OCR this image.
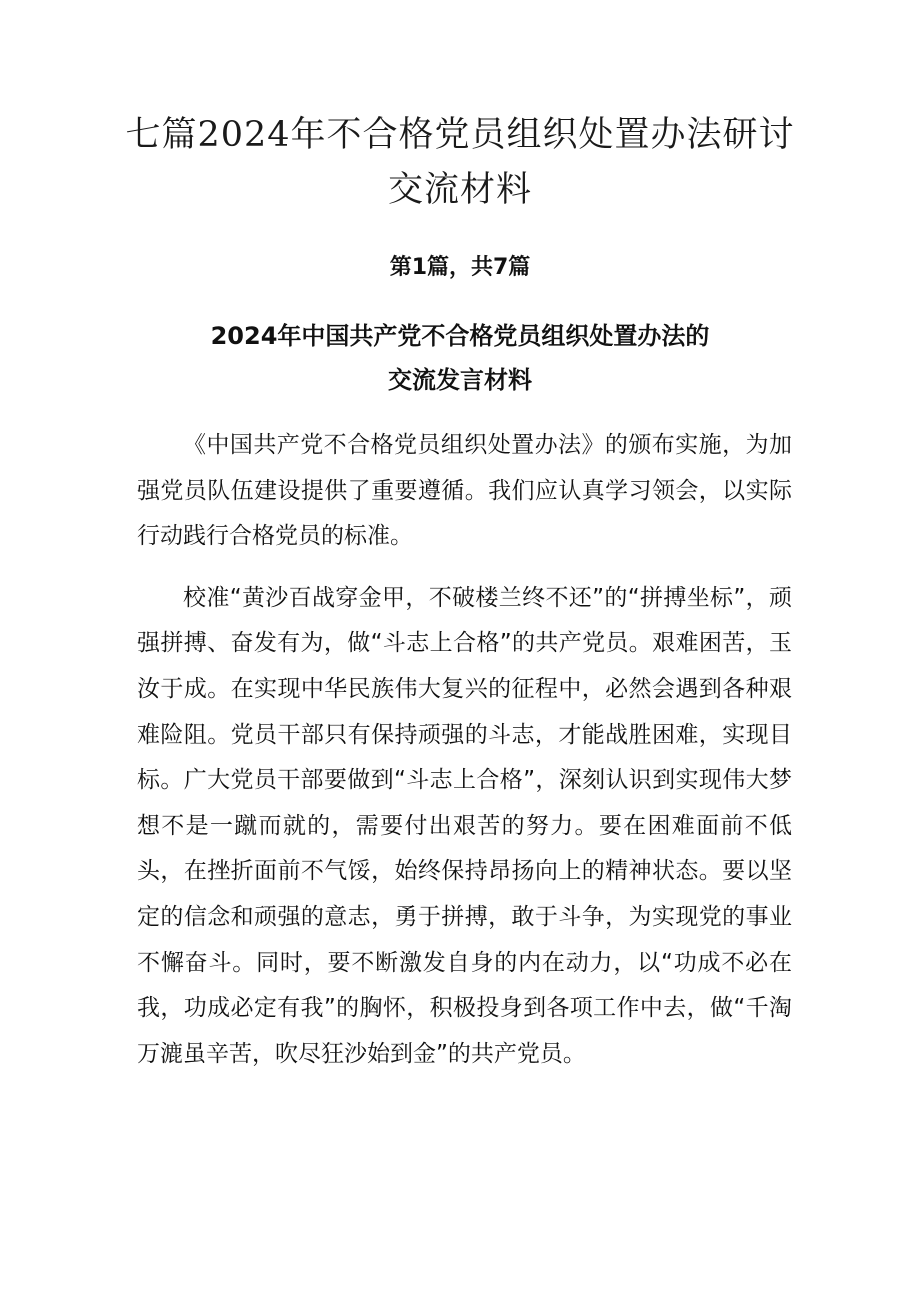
七篇2024年不合格党员组织处置办法研讨
交流材料
第1篇，共7篇
2024年中国共产党不合格党员组织处置办法的
交流发言材料

《中国共产党不合格党员组织处置办法》的颁布实施，为加强党员队伍建设提供了重要遵循。我们应认真学习领会，以实际行动践行合格党员的标准。

校准“黄沙百战穿金甲，不破楼兰终不还”的“拼搏坐标”，顽强拼搏、奋发有为，做“斗志上合格”的共产党员。艰难困苦，玉汝于成。在实现中华民族伟大复兴的征程中，必然会遇到各种艰难险阻。党员干部只有保持顽强的斗志，才能战胜困难，实现目标。广大党员干部要做到“斗志上合格”，深刻认识到实现伟大梦想不是一蹴而就的，需要付出艰苦的努力。要在困难面前不低头，在挫折面前不气馁，始终保持昂扬向上的精神状态。要以坚定的信念和顽强的意志，勇于拼搏，敢于斗争，为实现党的事业不懈奋斗。同时，要不断激发自身的内在动力，以“功成不必在我，功成必定有我”的胸怀，积极投身到各项工作中去，做“千淘万漉虽辛苦，吹尽狂沙始到金”的共产党员。
